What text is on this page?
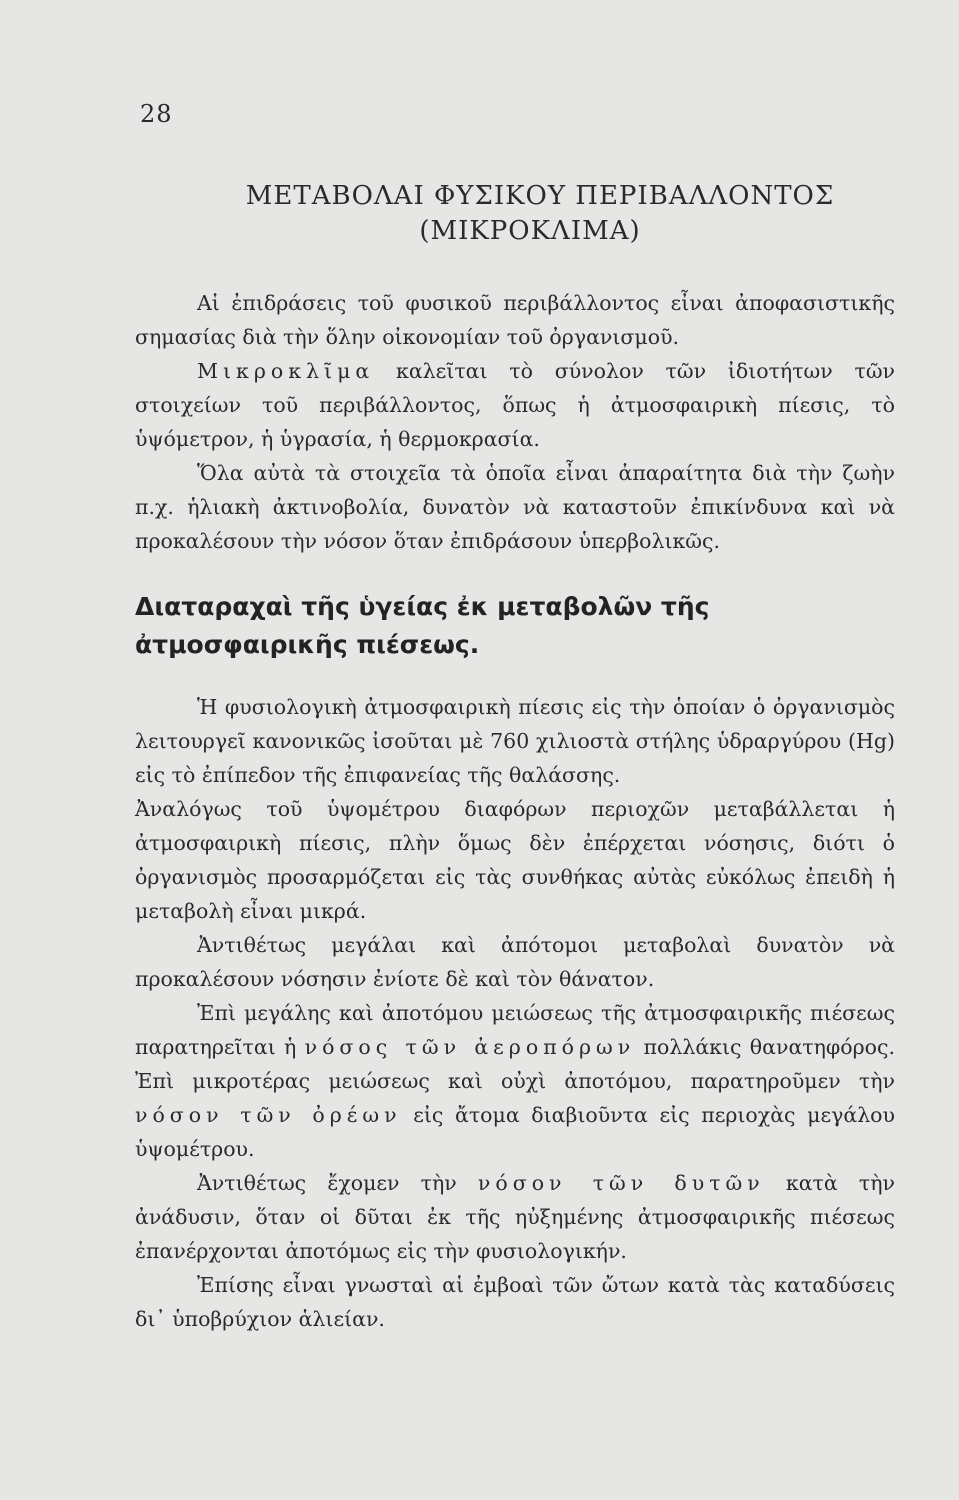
28
ΜΕΤΑΒΟΛΑΙ ΦΥΣΙΚΟΥ ΠΕΡΙΒΑΛΛΟΝΤΟΣ
(ΜΙΚΡΟΚΛΙΜΑ)

Αἱ ἐπιδράσεις τοῦ φυσικοῦ περιβάλλοντος εἶναι ἀποφασιστικῆς σημασίας διὰ τὴν ὅλην οἰκονομίαν τοῦ ὀργανισμοῦ.

Μικροκλῖμα καλεῖται τὸ σύνολον τῶν ἰδιοτήτων τῶν στοιχείων τοῦ περιβάλλοντος, ὅπως ἡ ἀτμοσφαιρικὴ πίεσις, τὸ ὑψόμετρον, ἡ ὑγρασία, ἡ θερμοκρασία.

Ὅλα αὐτὰ τὰ στοιχεῖα τὰ ὁποῖα εἶναι ἀπαραίτητα διὰ τὴν ζωὴν π.χ. ἡλιακὴ ἀκτινοβολία, δυνατὸν νὰ καταστοῦν ἐπικίνδυνα καὶ νὰ προκαλέσουν τὴν νόσον ὅταν ἐπιδράσουν ὑπερβολικῶς.

Διαταραχαὶ τῆς ὑγείας ἐκ μεταβολῶν τῆς ἀτμοσφαιρικῆς πιέσεως.

Ἡ φυσιολογικὴ ἀτμοσφαιρικὴ πίεσις εἰς τὴν ὁποίαν ὁ ὀργανισμὸς λειτουργεῖ κανονικῶς ἰσοῦται μὲ 760 χιλιοστὰ στήλης ὑδραργύρου (Hg) εἰς τὸ ἐπίπεδον τῆς ἐπιφανείας τῆς θαλάσσης.

Ἀναλόγως τοῦ ὑψομέτρου διαφόρων περιοχῶν μεταβάλλεται ἡ ἀτμοσφαιρικὴ πίεσις, πλὴν ὅμως δὲν ἐπέρχεται νόσησις, διότι ὁ ὀργανισμὸς προσαρμόζεται εἰς τὰς συνθήκας αὐτὰς εὐκόλως ἐπειδὴ ἡ μεταβολὴ εἶναι μικρά.

Ἀντιθέτως μεγάλαι καὶ ἀπότομοι μεταβολαὶ δυνατὸν νὰ προκαλέσουν νόσησιν ἐνίοτε δὲ καὶ τὸν θάνατον.

Ἐπὶ μεγάλης καὶ ἀποτόμου μειώσεως τῆς ἀτμοσφαιρικῆς πιέσεως παρατηρεῖται ἡ νόσος τῶν ἀεροπόρων πολλάκις θανατηφόρος. Ἐπὶ μικροτέρας μειώσεως καὶ οὐχὶ ἀποτόμου, παρατηροῦμεν τὴν νόσον τῶν ὀρέων εἰς ἄτομα διαβιοῦντα εἰς περιοχὰς μεγάλου ὑψομέτρου.

Ἀντιθέτως ἔχομεν τὴν νόσον τῶν δυτῶν κατὰ τὴν ἀνάδυσιν, ὅταν οἱ δῦται ἐκ τῆς ηὐξημένης ἀτμοσφαιρικῆς πιέσεως ἐπανέρχονται ἀποτόμως εἰς τὴν φυσιολογικήν.

Ἐπίσης εἶναι γνωσταὶ αἱ ἐμβοαὶ τῶν ὤτων κατὰ τὰς καταδύσεις δι᾽ ὑποβρύχιον ἁλιείαν.
